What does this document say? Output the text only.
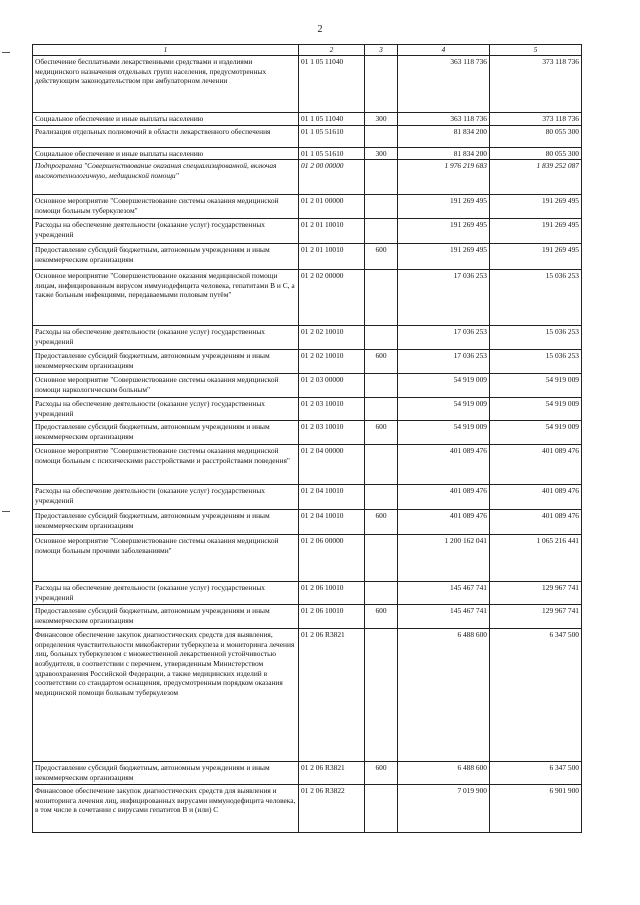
2
1	2	3	4	5
Обеспечение бесплатными лекарственными средствами и изделиями медицинского назначения отдельных групп населения, предусмотренных действующим законодательством при амбулаторном лечении	01 1 05 11040		363 118 736	373 118 736
Социальное обеспечение и иные выплаты населению	01 1 05 11040	300	363 118 736	373 118 736
Реализация отдельных полномочий в области лекарственного обеспечения	01 1 05 51610		81 834 200	80 055 300
Социальное обеспечение и иные выплаты населению	01 1 05 51610	300	81 834 200	80 055 300
Подпрограмма "Совершенствование оказания специализированной, включая высокотехнологичную, медицинской помощи"	01 2 00 00000		1 976 219 683	1 839 252 087
Основное мероприятие "Совершенствование системы оказания медицинской помощи больным туберкулезом"	01 2 01 00000		191 269 495	191 269 495
Расходы на обеспечение деятельности (оказание услуг) государственных учреждений	01 2 01 10010		191 269 495	191 269 495
Предоставление субсидий бюджетным, автономным учреждениям и иным некоммерческим организациям	01 2 01 10010	600	191 269 495	191 269 495
Основное мероприятие "Совершенствование оказания медицинской помощи лицам, инфицированным вирусом иммунодефицита человека, гепатитами В и С, а также больным инфекциями, передаваемыми половым путём"	01 2 02 00000		17 036 253	15 036 253
Расходы на обеспечение деятельности (оказание услуг) государственных учреждений	01 2 02 10010		17 036 253	15 036 253
Предоставление субсидий бюджетным, автономным учреждениям и иным некоммерческим организациям	01 2 02 10010	600	17 036 253	15 036 253
Основное мероприятие "Совершенствование системы оказания медицинской помощи наркологическим больным"	01 2 03 00000		54 919 009	54 919 009
Расходы на обеспечение деятельности (оказание услуг) государственных учреждений	01 2 03 10010		54 919 009	54 919 009
Предоставление субсидий бюджетным, автономным учреждениям и иным некоммерческим организациям	01 2 03 10010	600	54 919 009	54 919 009
Основное мероприятие "Совершенствование системы оказания медицинской помощи больным с психическими расстройствами и расстройствами поведения"	01 2 04 00000		401 089 476	401 089 476
Расходы на обеспечение деятельности (оказание услуг) государственных учреждений	01 2 04 10010		401 089 476	401 089 476
Предоставление субсидий бюджетным, автономным учреждениям и иным некоммерческим организациям	01 2 04 10010	600	401 089 476	401 089 476
Основное мероприятие "Совершенствование системы оказания медицинской помощи больным прочими заболеваниями"	01 2 06 00000		1 200 162 041	1 065 216 441
Расходы на обеспечение деятельности (оказание услуг) государственных учреждений	01 2 06 10010		145 467 741	129 967 741
Предоставление субсидий бюджетным, автономным учреждениям и иным некоммерческим организациям	01 2 06 10010	600	145 467 741	129 967 741
Финансовое обеспечение закупок диагностических средств для выявления, определения чувствительности микобактерии туберкулеза и мониторинга лечения лиц, больных туберкулезом с множественной лекарственной устойчивостью возбудителя, в соответствии с перечнем, утвержденным Министерством здравоохранения Российской Федерации, а также медицинских изделий в соответствии со стандартом оснащения, предусмотренным порядком оказания медицинской помощи больным туберкулезом	01 2 06 R3821		6 488 600	6 347 500
Предоставление субсидий бюджетным, автономным учреждениям и иным некоммерческим организациям	01 2 06 R3821	600	6 488 600	6 347 500
Финансовое обеспечение закупок диагностических средств для выявления и мониторинга лечения лиц, инфицированных вирусами иммунодефицита человека, в том числе в сочетании с вирусами гепатитов В и (или) С	01 2 06 R3822		7 019 900	6 901 900
